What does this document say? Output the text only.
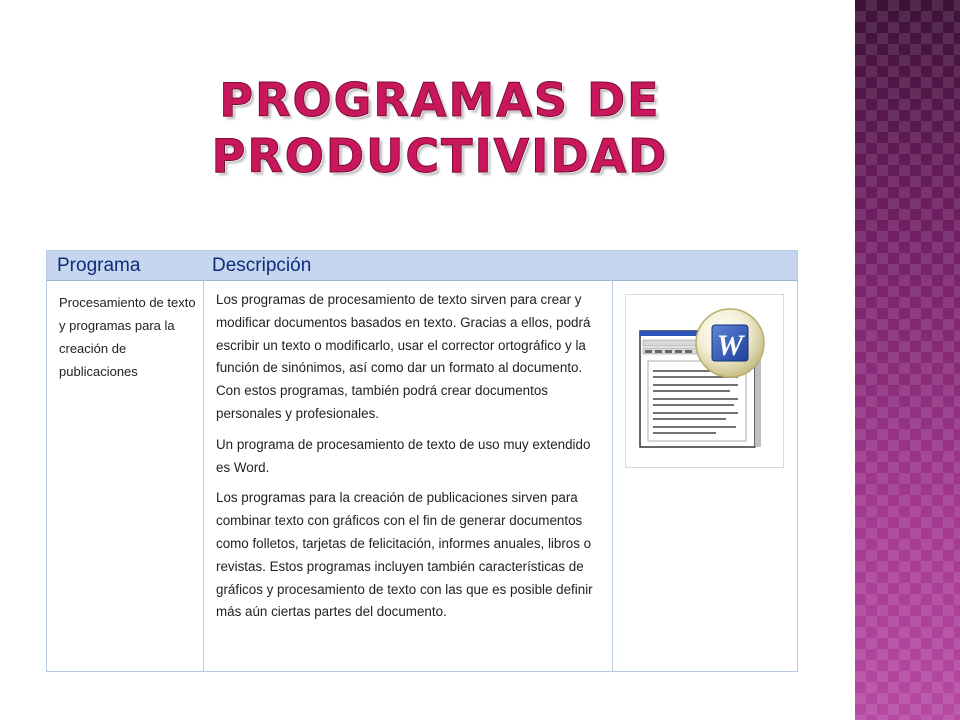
PROGRAMAS DE
PRODUCTIVIDAD
Programa	Descripción
Procesamiento de texto y programas para la creación de publicaciones

Los programas de procesamiento de texto sirven para crear y modificar documentos basados en texto. Gracias a ellos, podrá escribir un texto o modificarlo, usar el corrector ortográfico y la función de sinónimos, así como dar un formato al documento. Con estos programas, también podrá crear documentos personales y profesionales.

Un programa de procesamiento de texto de uso muy extendido es Word.

Los programas para la creación de publicaciones sirven para combinar texto con gráficos con el fin de generar documentos como folletos, tarjetas de felicitación, informes anuales, libros o revistas. Estos programas incluyen también características de gráficos y procesamiento de texto con las que es posible definir más aún ciertas partes del documento.

W
